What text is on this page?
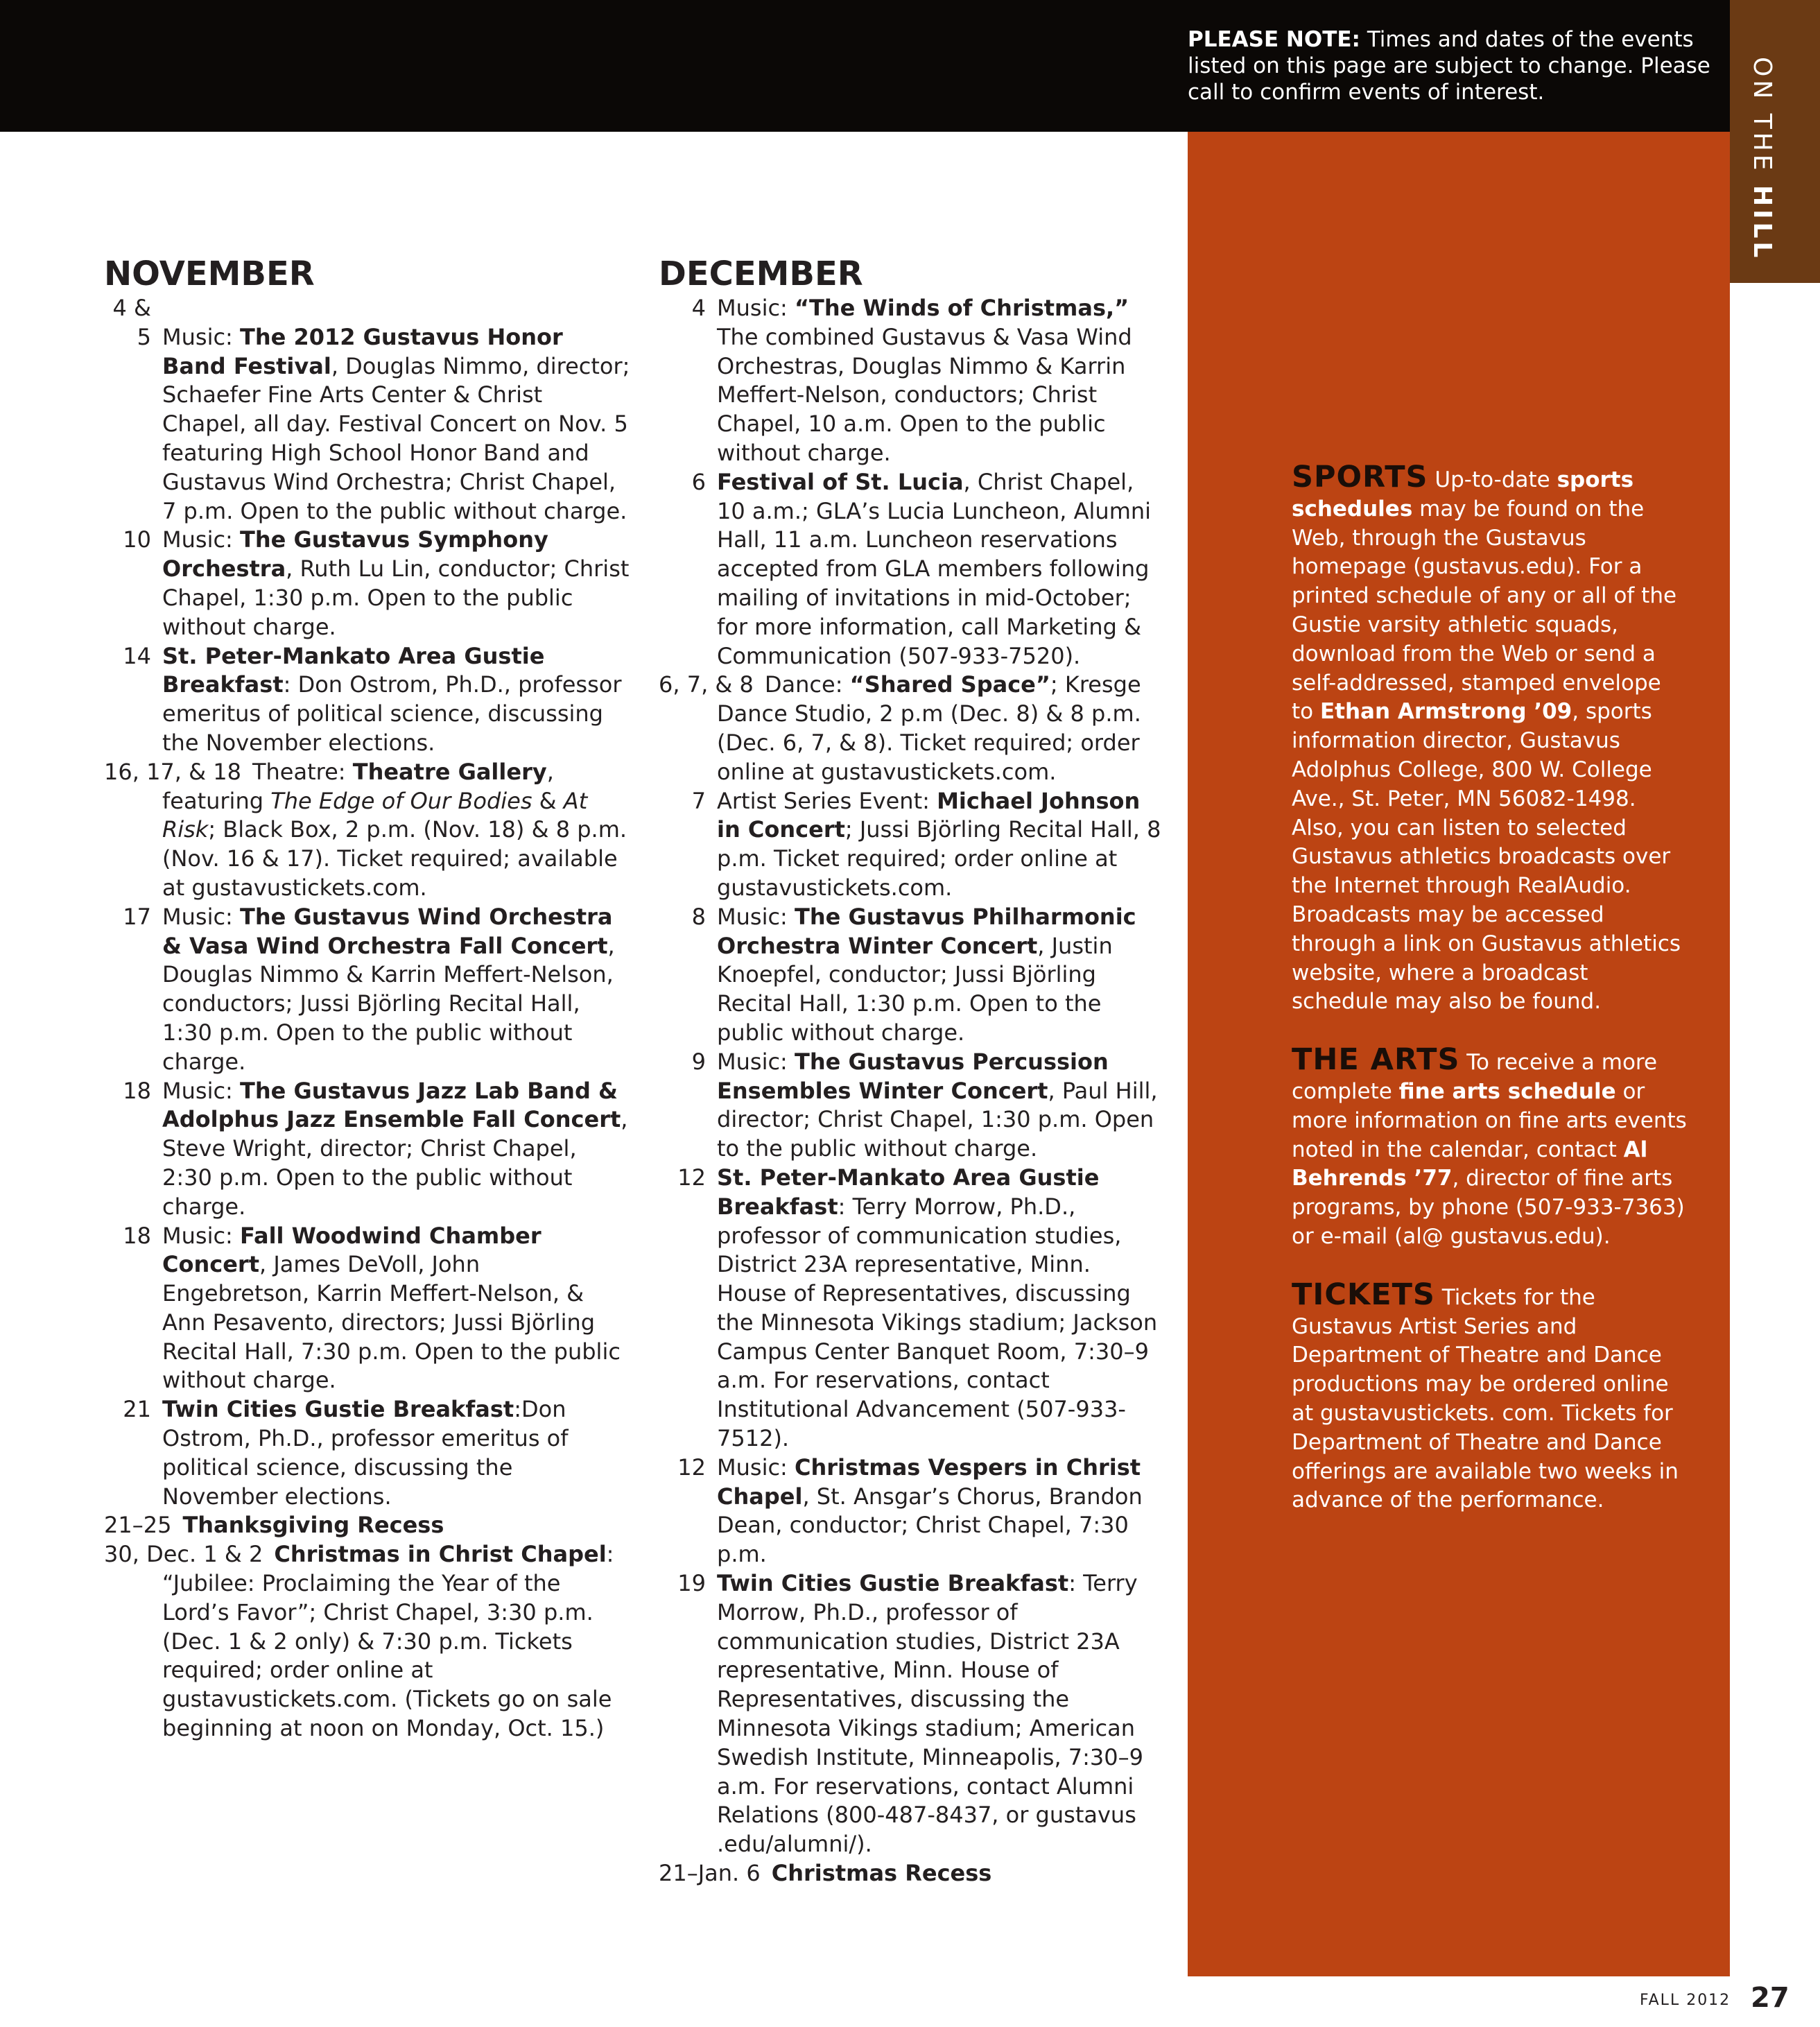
PLEASE NOTE: Times and dates of the events listed on this page are subject to change. Please call to confirm events of interest.	ON THE HILL
NOVEMBER

4 & 5 Music: The 2012 Gustavus Honor Band Festival, Douglas Nimmo, director; Schaefer Fine Arts Center & Christ Chapel, all day. Festival Concert on Nov. 5 featuring High School Honor Band and Gustavus Wind Orchestra; Christ Chapel, 7 p.m. Open to the public without charge.

10 Music: The Gustavus Symphony Orchestra, Ruth Lu Lin, conductor; Christ Chapel, 1:30 p.m. Open to the public without charge.

14 St. Peter-Mankato Area Gustie Breakfast: Don Ostrom, Ph.D., professor emeritus of political science, discussing the November elections.

16, 17, & 18 Theatre: Theatre Gallery, featuring The Edge of Our Bodies & At Risk; Black Box, 2 p.m. (Nov. 18) & 8 p.m. (Nov. 16 & 17). Ticket required; available at gustavustickets.com.

17 Music: The Gustavus Wind Orchestra & Vasa Wind Orchestra Fall Concert, Douglas Nimmo & Karrin Meffert-Nelson, conductors; Jussi Björling Recital Hall, 1:30 p.m. Open to the public without charge.

18 Music: The Gustavus Jazz Lab Band & Adolphus Jazz Ensemble Fall Concert, Steve Wright, director; Christ Chapel, 2:30 p.m. Open to the public without charge.

18 Music: Fall Woodwind Chamber Concert, James DeVoll, John Engebretson, Karrin Meffert-Nelson, & Ann Pesavento, directors; Jussi Björling Recital Hall, 7:30 p.m. Open to the public without charge.

21 Twin Cities Gustie Breakfast:Don Ostrom, Ph.D., professor emeritus of political science, discussing the November elections.

21–25 Thanksgiving Recess

30, Dec. 1 & 2 Christmas in Christ Chapel: “Jubilee: Proclaiming the Year of the Lord’s Favor”; Christ Chapel, 3:30 p.m. (Dec. 1 & 2 only) & 7:30 p.m. Tickets required; order online at gustavustickets.com. (Tickets go on sale beginning at noon on Monday, Oct. 15.)

DECEMBER

4 Music: “The Winds of Christmas,” The combined Gustavus & Vasa Wind Orchestras, Douglas Nimmo & Karrin Meffert-Nelson, conductors; Christ Chapel, 10 a.m. Open to the public without charge.

6 Festival of St. Lucia, Christ Chapel, 10 a.m.; GLA’s Lucia Luncheon, Alumni Hall, 11 a.m. Luncheon reservations accepted from GLA members following mailing of invitations in mid-October; for more information, call Marketing & Communication (507-933-7520).

6, 7, & 8 Dance: “Shared Space”; Kresge Dance Studio, 2 p.m (Dec. 8) & 8 p.m. (Dec. 6, 7, & 8). Ticket required; order online at gustavustickets.com.

7 Artist Series Event: Michael Johnson in Concert; Jussi Björling Recital Hall, 8 p.m. Ticket required; order online at gustavustickets.com.

8 Music: The Gustavus Philharmonic Orchestra Winter Concert, Justin Knoepfel, conductor; Jussi Björling Recital Hall, 1:30 p.m. Open to the public without charge.

9 Music: The Gustavus Percussion Ensembles Winter Concert, Paul Hill, director; Christ Chapel, 1:30 p.m. Open to the public without charge.

12 St. Peter-Mankato Area Gustie Breakfast: Terry Morrow, Ph.D., professor of communication studies, District 23A representative, Minn. House of Representatives, discussing the Minnesota Vikings stadium; Jackson Campus Center Banquet Room, 7:30–9 a.m. For reservations, contact Institutional Advancement (507-933-7512).

12 Music: Christmas Vespers in Christ Chapel, St. Ansgar’s Chorus, Brandon Dean, conductor; Christ Chapel, 7:30 p.m.

19 Twin Cities Gustie Breakfast: Terry Morrow, Ph.D., professor of communication studies, District 23A representative, Minn. House of Representatives, discussing the Minnesota Vikings stadium; American Swedish Institute, Minneapolis, 7:30–9 a.m. For reservations, contact Alumni Relations (800-487-8437, or gustavus .edu/alumni/).

21–Jan. 6 Christmas Recess

SPORTS Up-to-date sports schedules may be found on the Web, through the Gustavus homepage (gustavus.edu). For a printed schedule of any or all of the Gustie varsity athletic squads, download from the Web or send a self-addressed, stamped envelope to Ethan Armstrong ’09, sports information director, Gustavus Adolphus College, 800 W. College Ave., St. Peter, MN 56082-1498. Also, you can listen to selected Gustavus athletics broadcasts over the Internet through RealAudio. Broadcasts may be accessed through a link on Gustavus athletics website, where a broadcast schedule may also be found.

THE ARTS To receive a more complete fine arts schedule or more information on fine arts events noted in the calendar, contact Al Behrends ’77, director of fine arts programs, by phone (507-933-7363) or e-mail (al@ gustavus.edu).

TICKETS Tickets for the Gustavus Artist Series and Department of Theatre and Dance productions may be ordered online at gustavustickets. com. Tickets for Department of Theatre and Dance offerings are available two weeks in advance of the performance.

FALL 2012 27
